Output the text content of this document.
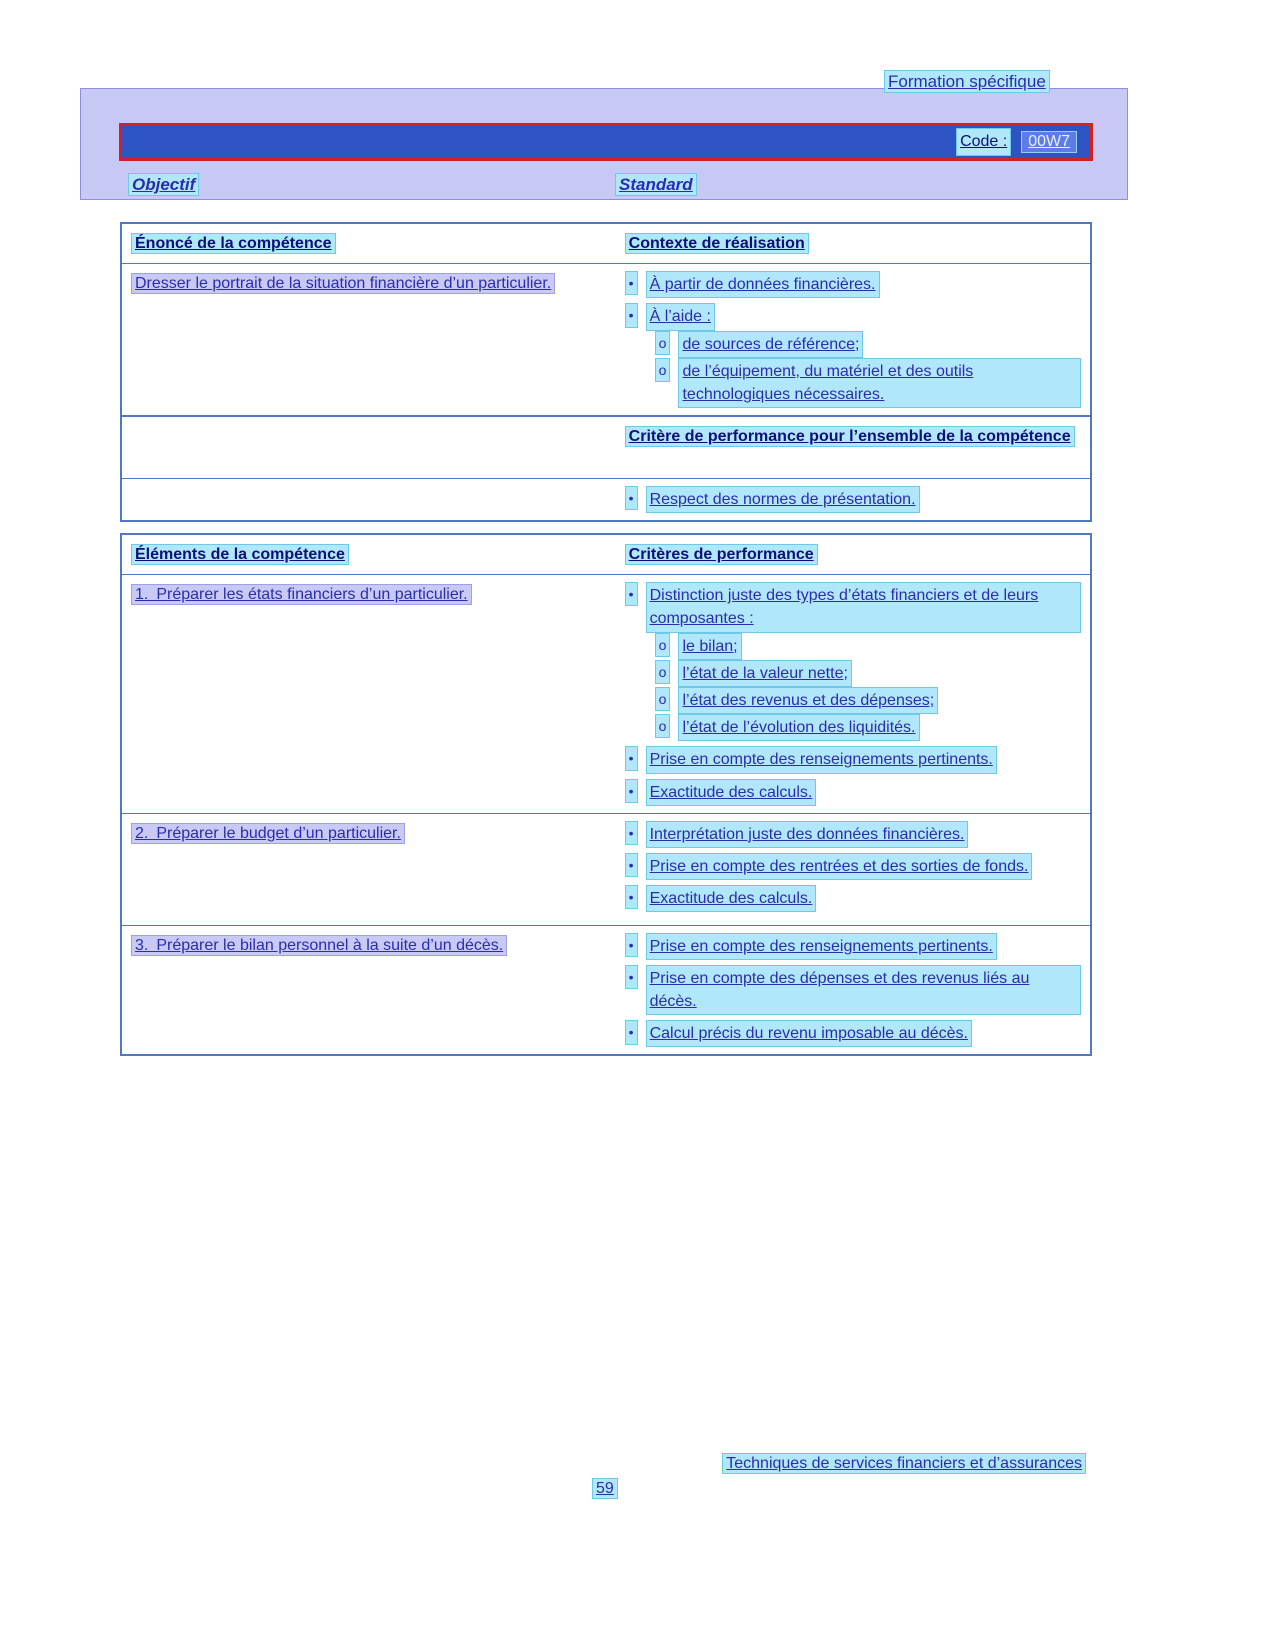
Formation spécifique
Code :	00W7
Objectif	Standard
Énoncé de la compétence	Contexte de réalisation
Dresser le portrait de la situation financière d’un particulier.	• À partir de données financières.
• À l’aide :
o de sources de référence;
o de l’équipement, du matériel et des outils technologiques nécessaires.
Critère de performance pour l’ensemble de la compétence
• Respect des normes de présentation.
Éléments de la compétence	Critères de performance
1. Préparer les états financiers d’un particulier.	• Distinction juste des types d’états financiers et de leurs composantes :
o le bilan;
o l’état de la valeur nette;
o l’état des revenus et des dépenses;
o l’état de l’évolution des liquidités.
• Prise en compte des renseignements pertinents.
• Exactitude des calculs.
2. Préparer le budget d’un particulier.	• Interprétation juste des données financières.
• Prise en compte des rentrées et des sorties de fonds.
• Exactitude des calculs.
3. Préparer le bilan personnel à la suite d’un décès.	• Prise en compte des renseignements pertinents.
• Prise en compte des dépenses et des revenus liés au décès.
• Calcul précis du revenu imposable au décès.
Techniques de services financiers et d’assurances
59
